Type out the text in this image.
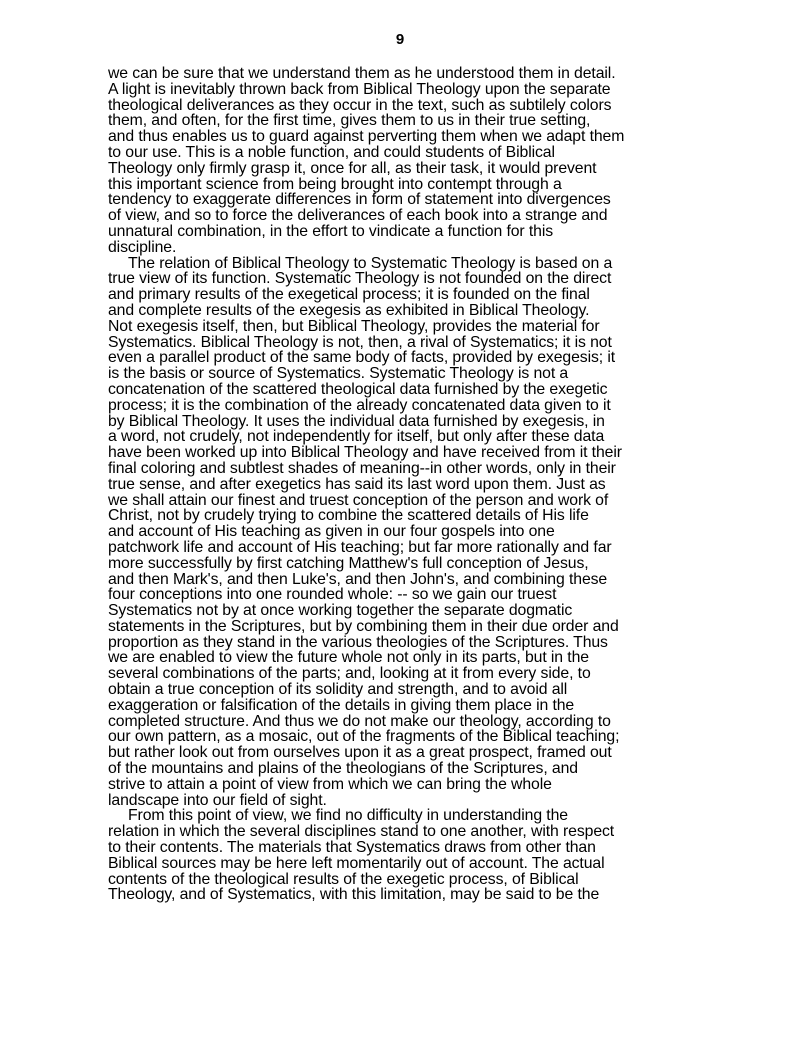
9
we can be sure that we understand them as he understood them in detail.
A light is inevitably thrown back from Biblical Theology upon the separate
theological deliverances as they occur in the text, such as subtilely colors
them, and often, for the first time, gives them to us in their true setting,
and thus enables us to guard against perverting them when we adapt them
to our use. This is a noble function, and could students of Biblical
Theology only firmly grasp it, once for all, as their task, it would prevent
this important science from being brought into contempt through a
tendency to exaggerate differences in form of statement into divergences
of view, and so to force the deliverances of each book into a strange and
unnatural combination, in the effort to vindicate a function for this
discipline.
The relation of Biblical Theology to Systematic Theology is based on a
true view of its function. Systematic Theology is not founded on the direct
and primary results of the exegetical process; it is founded on the final
and complete results of the exegesis as exhibited in Biblical Theology.
Not exegesis itself, then, but Biblical Theology, provides the material for
Systematics. Biblical Theology is not, then, a rival of Systematics; it is not
even a parallel product of the same body of facts, provided by exegesis; it
is the basis or source of Systematics. Systematic Theology is not a
concatenation of the scattered theological data furnished by the exegetic
process; it is the combination of the already concatenated data given to it
by Biblical Theology. It uses the individual data furnished by exegesis, in
a word, not crudely, not independently for itself, but only after these data
have been worked up into Biblical Theology and have received from it their
final coloring and subtlest shades of meaning--in other words, only in their
true sense, and after exegetics has said its last word upon them. Just as
we shall attain our finest and truest conception of the person and work of
Christ, not by crudely trying to combine the scattered details of His life
and account of His teaching as given in our four gospels into one
patchwork life and account of His teaching; but far more rationally and far
more successfully by first catching Matthew's full conception of Jesus,
and then Mark's, and then Luke's, and then John's, and combining these
four conceptions into one rounded whole: -- so we gain our truest
Systematics not by at once working together the separate dogmatic
statements in the Scriptures, but by combining them in their due order and
proportion as they stand in the various theologies of the Scriptures. Thus
we are enabled to view the future whole not only in its parts, but in the
several combinations of the parts; and, looking at it from every side, to
obtain a true conception of its solidity and strength, and to avoid all
exaggeration or falsification of the details in giving them place in the
completed structure. And thus we do not make our theology, according to
our own pattern, as a mosaic, out of the fragments of the Biblical teaching;
but rather look out from ourselves upon it as a great prospect, framed out
of the mountains and plains of the theologians of the Scriptures, and
strive to attain a point of view from which we can bring the whole
landscape into our field of sight.
From this point of view, we find no difficulty in understanding the
relation in which the several disciplines stand to one another, with respect
to their contents. The materials that Systematics draws from other than
Biblical sources may be here left momentarily out of account. The actual
contents of the theological results of the exegetic process, of Biblical
Theology, and of Systematics, with this limitation, may be said to be the
